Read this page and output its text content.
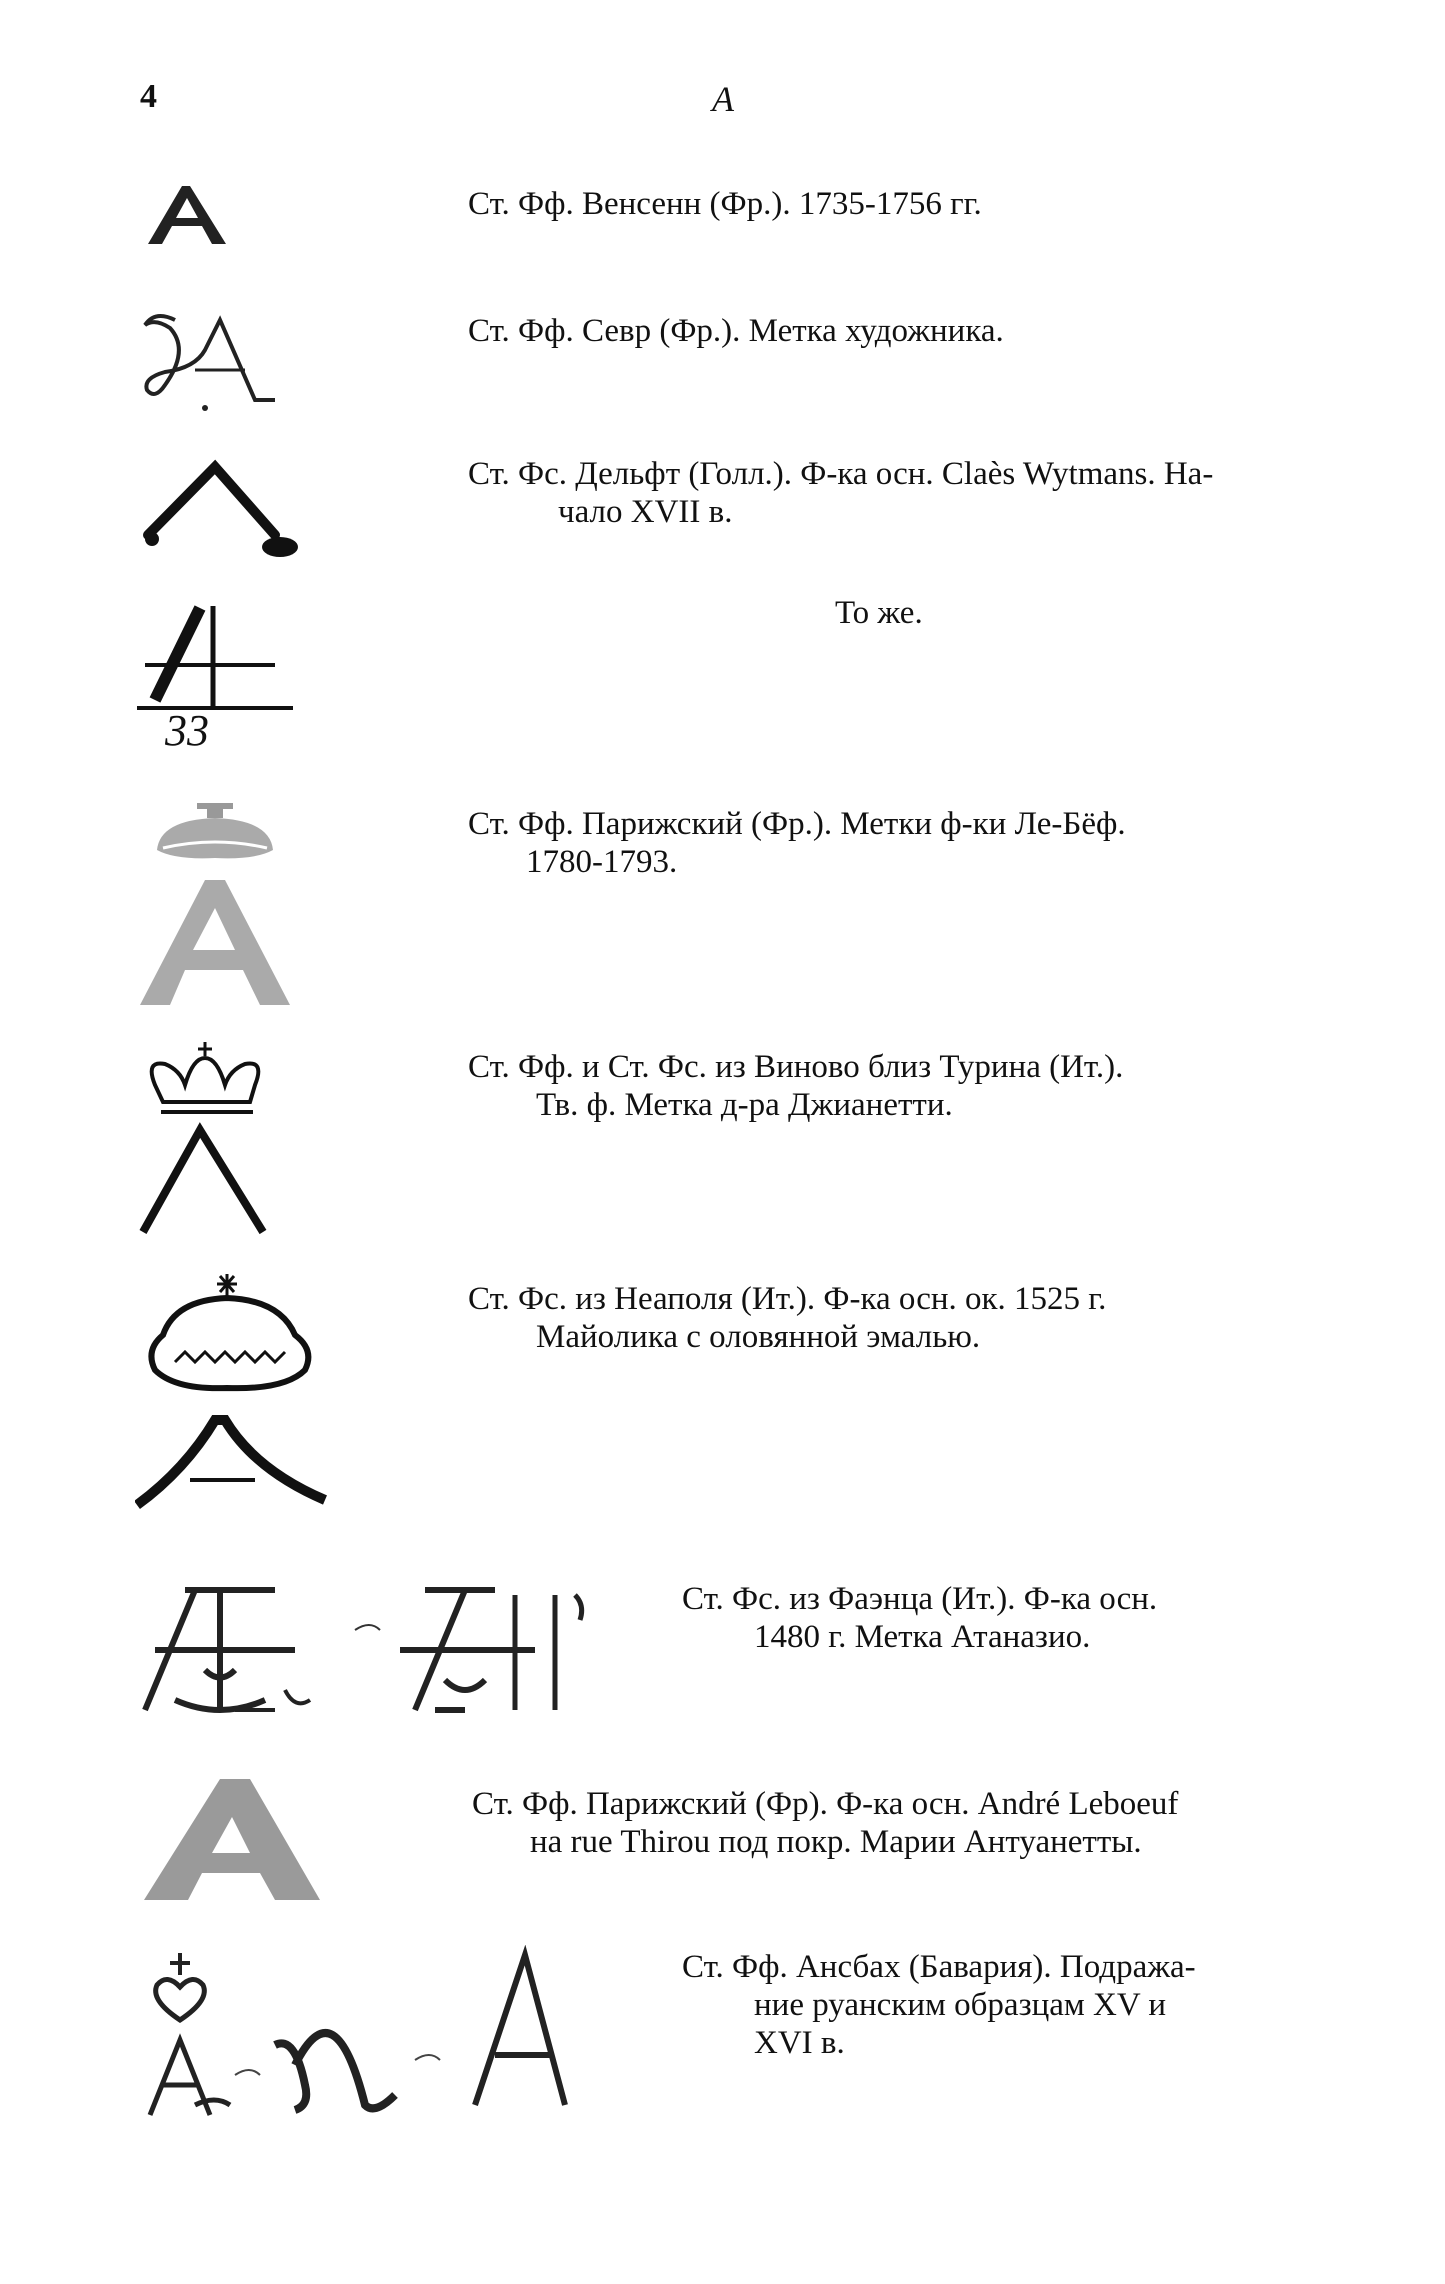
4	А
Ст. Фф. Венсенн (Фр.). 1735-1756 гг.
Ст. Фф. Севр (Фр.). Метка художника.
Ст. Фс. Дельфт (Голл.). Ф-ка осн. Claès Wytmans. На-
чало XVII в.
33
То же.
Ст. Фф. Парижский (Фр.). Метки ф-ки Ле-Бёф.
1780-1793.
Ст. Фф. и Ст. Фс. из Виново близ Турина (Ит.).
Тв. ф. Метка д-ра Джианетти.
Ст. Фс. из Неаполя (Ит.). Ф-ка осн. ок. 1525 г.
Майолика с оловянной эмалью.
Ст. Фс. из Фаэнца (Ит.). Ф-ка осн.
1480 г. Метка Атаназио.
Ст. Фф. Парижский (Фр). Ф-ка осн. André Leboeuf
на rue Thirou под покр. Марии Антуанетты.
Ст. Фф. Ансбах (Бавария). Подража-
ние руанским образцам XV и
XVI в.
